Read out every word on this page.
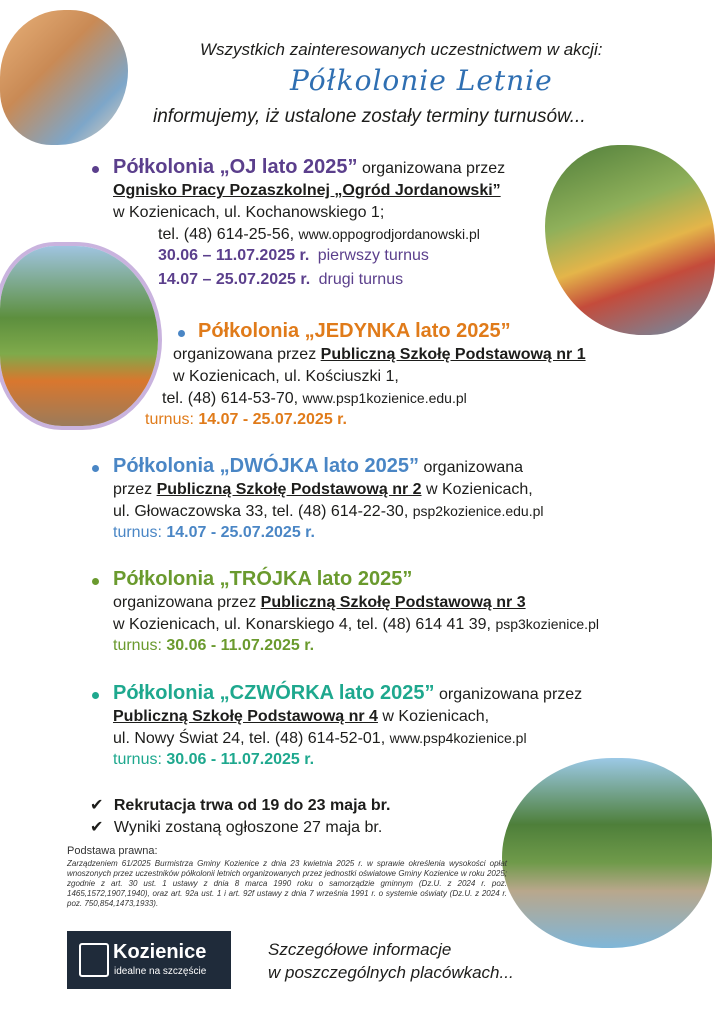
Wszystkich zainteresowanych uczestnictwem w akcji:
Półkolonie Letnie
informujemy, iż ustalone zostały terminy turnusów...
Półkolonia „OJ lato 2025” organizowana przez
Ognisko Pracy Pozaszkolnej „Ogród Jordanowski”
w Kozienicach, ul. Kochanowskiego 1;
tel. (48) 614-25-56, www.oppogrodjordanowski.pl
30.06 – 11.07.2025 r. pierwszy turnus
14.07 – 25.07.2025 r. drugi turnus
Półkolonia „JEDYNKA lato 2025”
organizowana przez Publiczną Szkołę Podstawową nr 1
w Kozienicach, ul. Kościuszki 1,
tel. (48) 614-53-70, www.psp1kozienice.edu.pl
turnus: 14.07 - 25.07.2025 r.
Półkolonia „DWÓJKA lato 2025” organizowana
przez Publiczną Szkołę Podstawową nr 2 w Kozienicach,
ul. Głowaczowska 33, tel. (48) 614-22-30, psp2kozienice.edu.pl
turnus: 14.07 - 25.07.2025 r.
Półkolonia „TRÓJKA lato 2025”
organizowana przez Publiczną Szkołę Podstawową nr 3
w Kozienicach, ul. Konarskiego 4, tel. (48) 614 41 39, psp3kozienice.pl
turnus: 30.06 - 11.07.2025 r.
Półkolonia „CZWÓRKA lato 2025” organizowana przez
Publiczną Szkołę Podstawową nr 4 w Kozienicach,
ul. Nowy Świat 24, tel. (48) 614-52-01, www.psp4kozienice.pl
turnus: 30.06 - 11.07.2025 r.
✔ Rekrutacja trwa od 19 do 23 maja br.
✔ Wyniki zostaną ogłoszone 27 maja br.
Podstawa prawna:
Zarządzeniem 61/2025 Burmistrza Gminy Kozienice z dnia 23 kwietnia 2025 r. w sprawie określenia wysokości opłat wnoszonych przez uczestników półkolonii letnich organizowanych przez jednostki oświatowe Gminy Kozienice w roku 2025; zgodnie z art. 30 ust. 1 ustawy z dnia 8 marca 1990 roku o samorządzie gminnym (Dz.U. z 2024 r. poz. 1465,1572,1907,1940), oraz art. 92a ust. 1 i art. 92f ustawy z dnia 7 września 1991 r. o systemie oświaty (Dz.U. z 2024 r. poz. 750,854,1473,1933).
Kozienice
idealne na szczęście
Szczegółowe informacje
w poszczególnych placówkach...
